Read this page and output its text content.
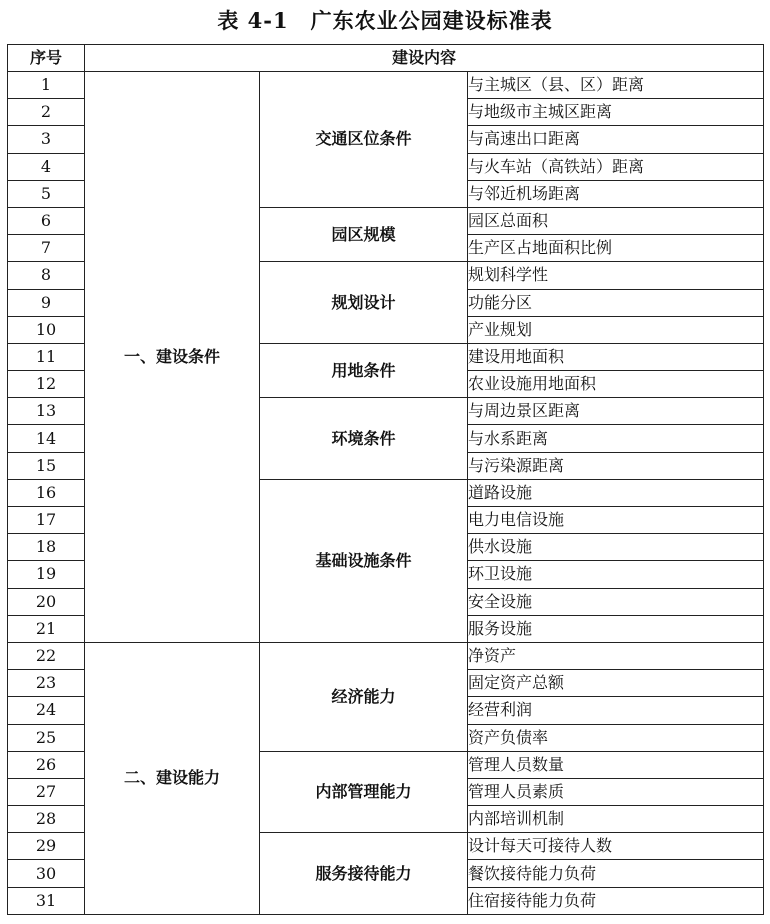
表 4-1　广东农业公园建设标准表
序号	建设内容		
1	一、建设条件	交通区位条件	与主城区（县、区）距离
2			与地级市主城区距离
3			与高速出口距离
4			与火车站（高铁站）距离
5			与邻近机场距离
6		园区规模	园区总面积
7			生产区占地面积比例
8		规划设计	规划科学性
9			功能分区
10			产业规划
11		用地条件	建设用地面积
12			农业设施用地面积
13		环境条件	与周边景区距离
14			与水系距离
15			与污染源距离
16		基础设施条件	道路设施
17			电力电信设施
18			供水设施
19			环卫设施
20			安全设施
21			服务设施
22	二、建设能力	经济能力	净资产
23			固定资产总额
24			经营利润
25			资产负债率
26		内部管理能力	管理人员数量
27			管理人员素质
28			内部培训机制
29		服务接待能力	设计每天可接待人数
30			餐饮接待能力负荷
31			住宿接待能力负荷
